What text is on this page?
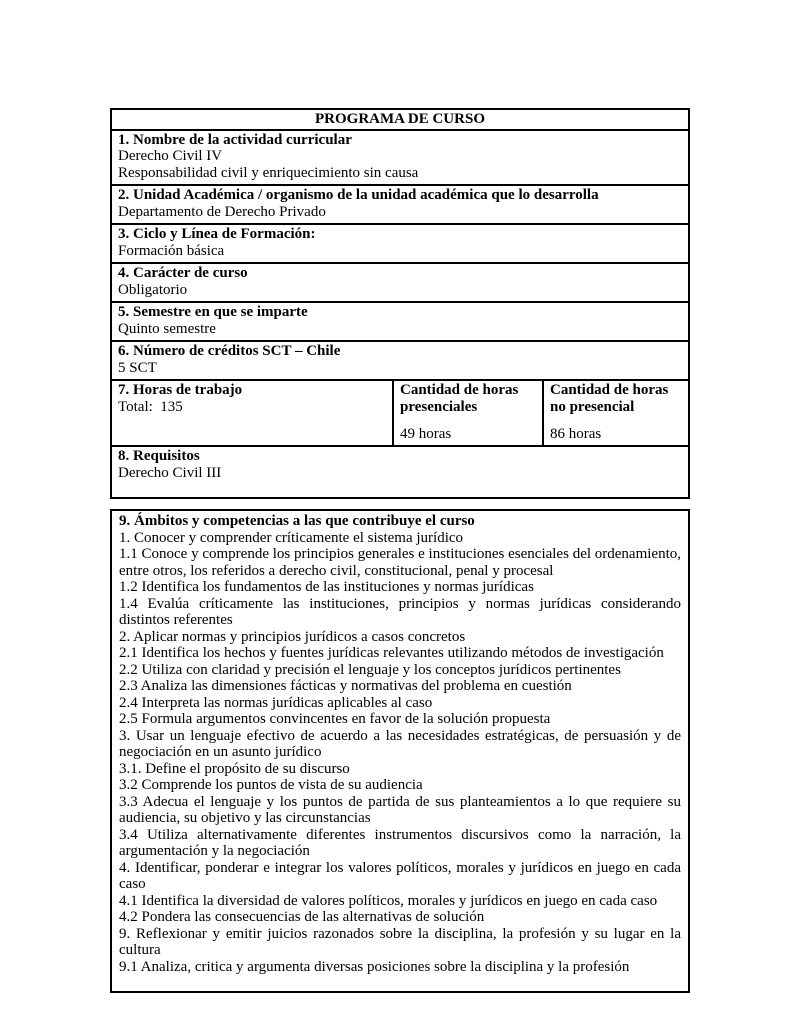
PROGRAMA DE CURSO
1. Nombre de la actividad curricular
Derecho Civil IV
Responsabilidad civil y enriquecimiento sin causa
2. Unidad Académica / organismo de la unidad académica que lo desarrolla
Departamento de Derecho Privado
3. Ciclo y Línea de Formación:
Formación básica
4. Carácter de curso
Obligatorio
5. Semestre en que se imparte
Quinto semestre
6. Número de créditos SCT – Chile
5 SCT
7. Horas de trabajo
Total:  135
Cantidad de horas presenciales
49 horas
Cantidad de horas no presencial
86 horas
8. Requisitos
Derecho Civil III
9. Ámbitos y competencias a las que contribuye el curso
1. Conocer y comprender críticamente el sistema jurídico
1.1 Conoce y comprende los principios generales e instituciones esenciales del ordenamiento, entre otros, los referidos a derecho civil, constitucional, penal y procesal
1.2 Identifica los fundamentos de las instituciones y normas jurídicas
1.4 Evalúa críticamente las instituciones, principios y normas jurídicas considerando distintos referentes
2. Aplicar normas y principios jurídicos a casos concretos
2.1 Identifica los hechos y fuentes jurídicas relevantes utilizando métodos de investigación
2.2 Utiliza con claridad y precisión el lenguaje y los conceptos jurídicos pertinentes
2.3 Analiza las dimensiones fácticas y normativas del problema en cuestión
2.4 Interpreta las normas jurídicas aplicables al caso
2.5 Formula argumentos convincentes en favor de la solución propuesta
3. Usar un lenguaje efectivo de acuerdo a las necesidades estratégicas, de persuasión y de negociación en un asunto jurídico
3.1. Define el propósito de su discurso
3.2 Comprende los puntos de vista de su audiencia
3.3 Adecua el lenguaje y los puntos de partida de sus planteamientos a lo que requiere su audiencia, su objetivo y las circunstancias
3.4 Utiliza alternativamente diferentes instrumentos discursivos como la narración, la argumentación y la negociación
4. Identificar, ponderar e integrar los valores políticos, morales y jurídicos en juego en cada caso
4.1 Identifica la diversidad de valores políticos, morales y jurídicos en juego en cada caso
4.2 Pondera las consecuencias de las alternativas de solución
9. Reflexionar y emitir juicios razonados sobre la disciplina, la profesión y su lugar en la cultura
9.1 Analiza, critica y argumenta diversas posiciones sobre la disciplina y la profesión
